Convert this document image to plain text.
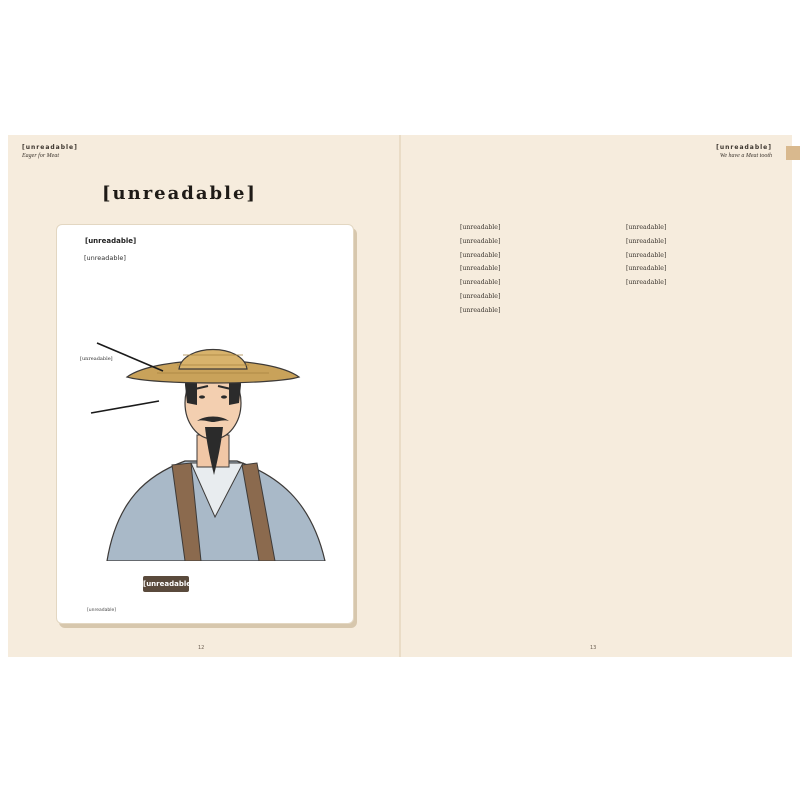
[unreadable]
Eager for Meat
[unreadable]
[unreadable]
[unreadable]
[unreadable]
[unreadable]
[unreadable]
12
[unreadable]
We have a Meat tooth

[unreadable]

[unreadable]

[unreadable]

[unreadable]

[unreadable]

[unreadable]

[unreadable]

[unreadable]

[unreadable]

[unreadable]

[unreadable]

[unreadable]

13
